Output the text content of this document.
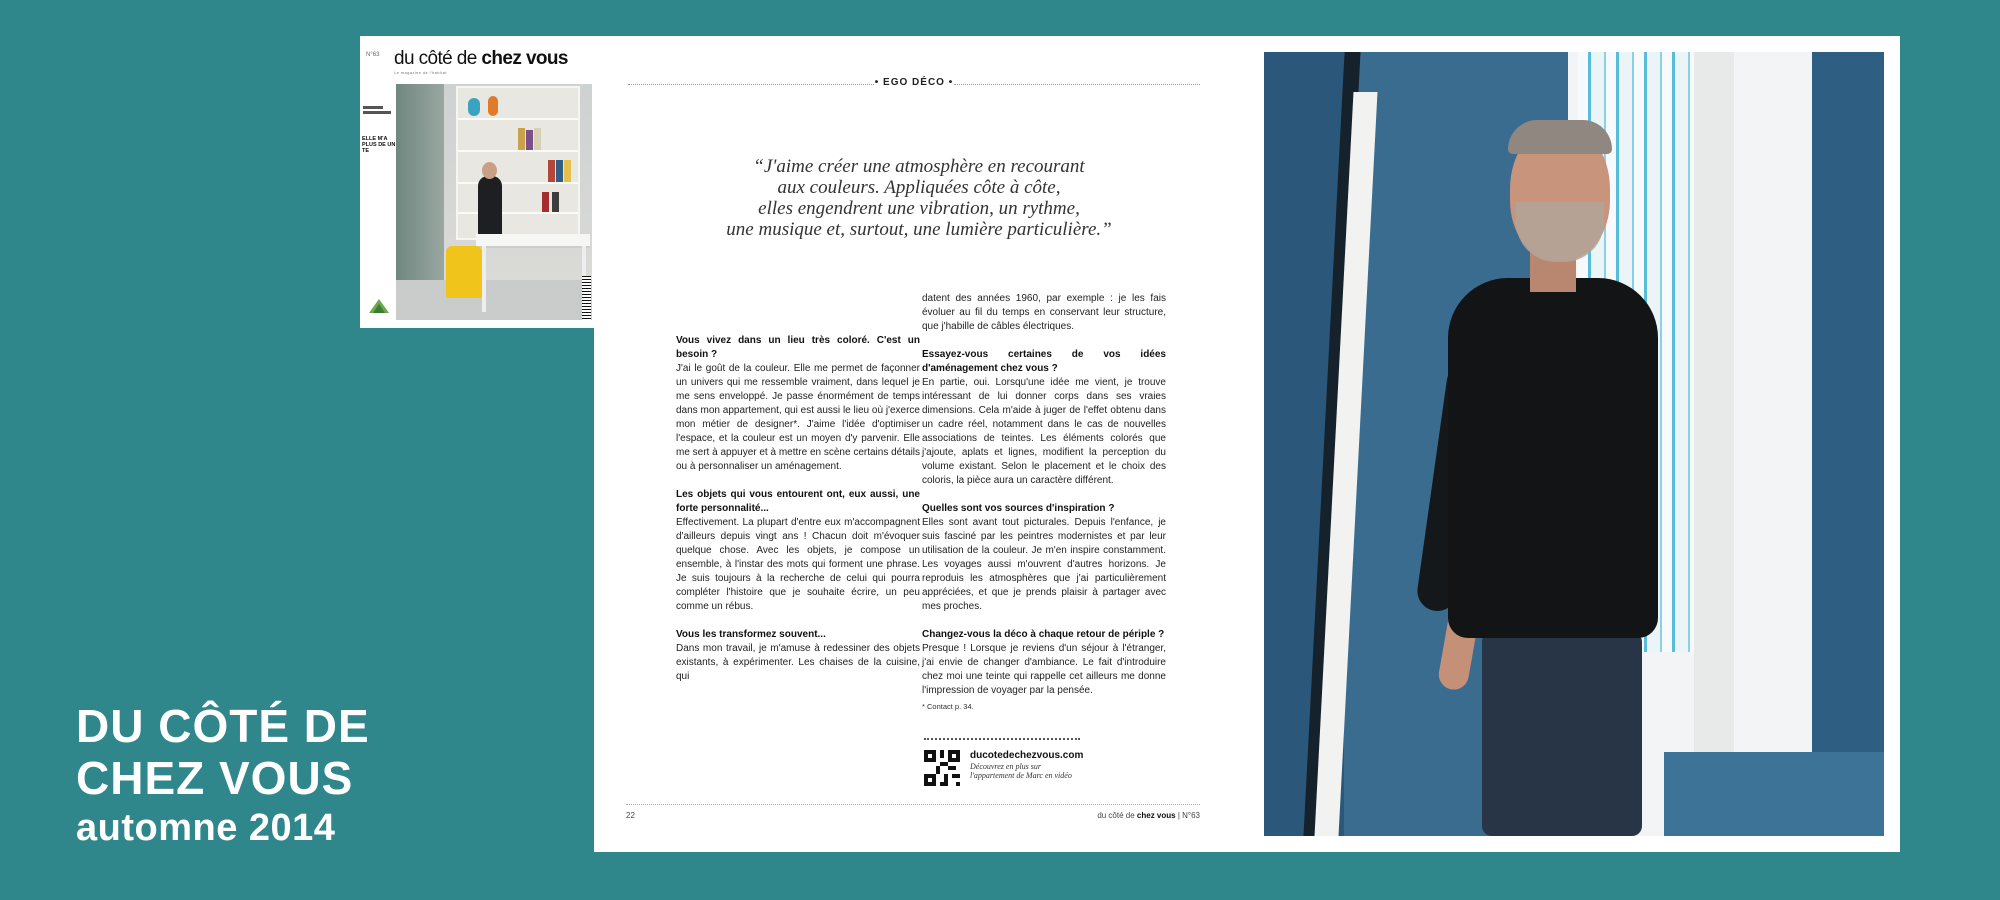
N°63 du côté de chez vous
Le magazine de l'habitat
ELLE M'A PLUS DE UN TE
• EGO DÉCO •
“J'aime créer une atmosphère en recourant
aux couleurs. Appliquées côte à côte,
elles engendrent une vibration, un rythme,
une musique et, surtout, une lumière particulière.”
Vous vivez dans un lieu très coloré. C'est un besoin ?

J'ai le goût de la couleur. Elle me permet de façonner un univers qui me ressemble vraiment, dans lequel je me sens enveloppé. Je passe énormément de temps dans mon appartement, qui est aussi le lieu où j'exerce mon métier de designer*. J'aime l'idée d'optimiser l'espace, et la couleur est un moyen d'y parvenir. Elle me sert à appuyer et à mettre en scène certains détails ou à personnaliser un aménagement.

Les objets qui vous entourent ont, eux aussi, une forte personnalité...

Effectivement. La plupart d'entre eux m'accompagnent d'ailleurs depuis vingt ans ! Chacun doit m'évoquer quelque chose. Avec les objets, je compose un ensemble, à l'instar des mots qui forment une phrase. Je suis toujours à la recherche de celui qui pourra compléter l'histoire que je souhaite écrire, un peu comme un rébus.

Vous les transformez souvent...

Dans mon travail, je m'amuse à redessiner des objets existants, à expérimenter. Les chaises de la cuisine, qui

datent des années 1960, par exemple : je les fais évoluer au fil du temps en conservant leur structure, que j'habille de câbles électriques.

Essayez-vous certaines de vos idées d'aménagement chez vous ?

En partie, oui. Lorsqu'une idée me vient, je trouve intéressant de lui donner corps dans ses vraies dimensions. Cela m'aide à juger de l'effet obtenu dans un cadre réel, notamment dans le cas de nouvelles associations de teintes. Les éléments colorés que j'ajoute, aplats et lignes, modifient la perception du volume existant. Selon le placement et le choix des coloris, la pièce aura un caractère différent.

Quelles sont vos sources d'inspiration ?

Elles sont avant tout picturales. Depuis l'enfance, je suis fasciné par les peintres modernistes et par leur utilisation de la couleur. Je m'en inspire constamment. Les voyages aussi m'ouvrent d'autres horizons. Je reproduis les atmosphères que j'ai particulièrement appréciées, et que je prends plaisir à partager avec mes proches.

Changez-vous la déco à chaque retour de périple ?

Presque ! Lorsque je reviens d'un séjour à l'étranger, j'ai envie de changer d'ambiance. Le fait d'introduire chez moi une teinte qui rappelle cet ailleurs me donne l'impression de voyager par la pensée.

* Contact p. 34.
ducotedechezvous.com
Découvrez en plus sur l'appartement de Marc en vidéo
22	du côté de chez vous | N°63
DU CÔTÉ DE
CHEZ VOUS
automne 2014
